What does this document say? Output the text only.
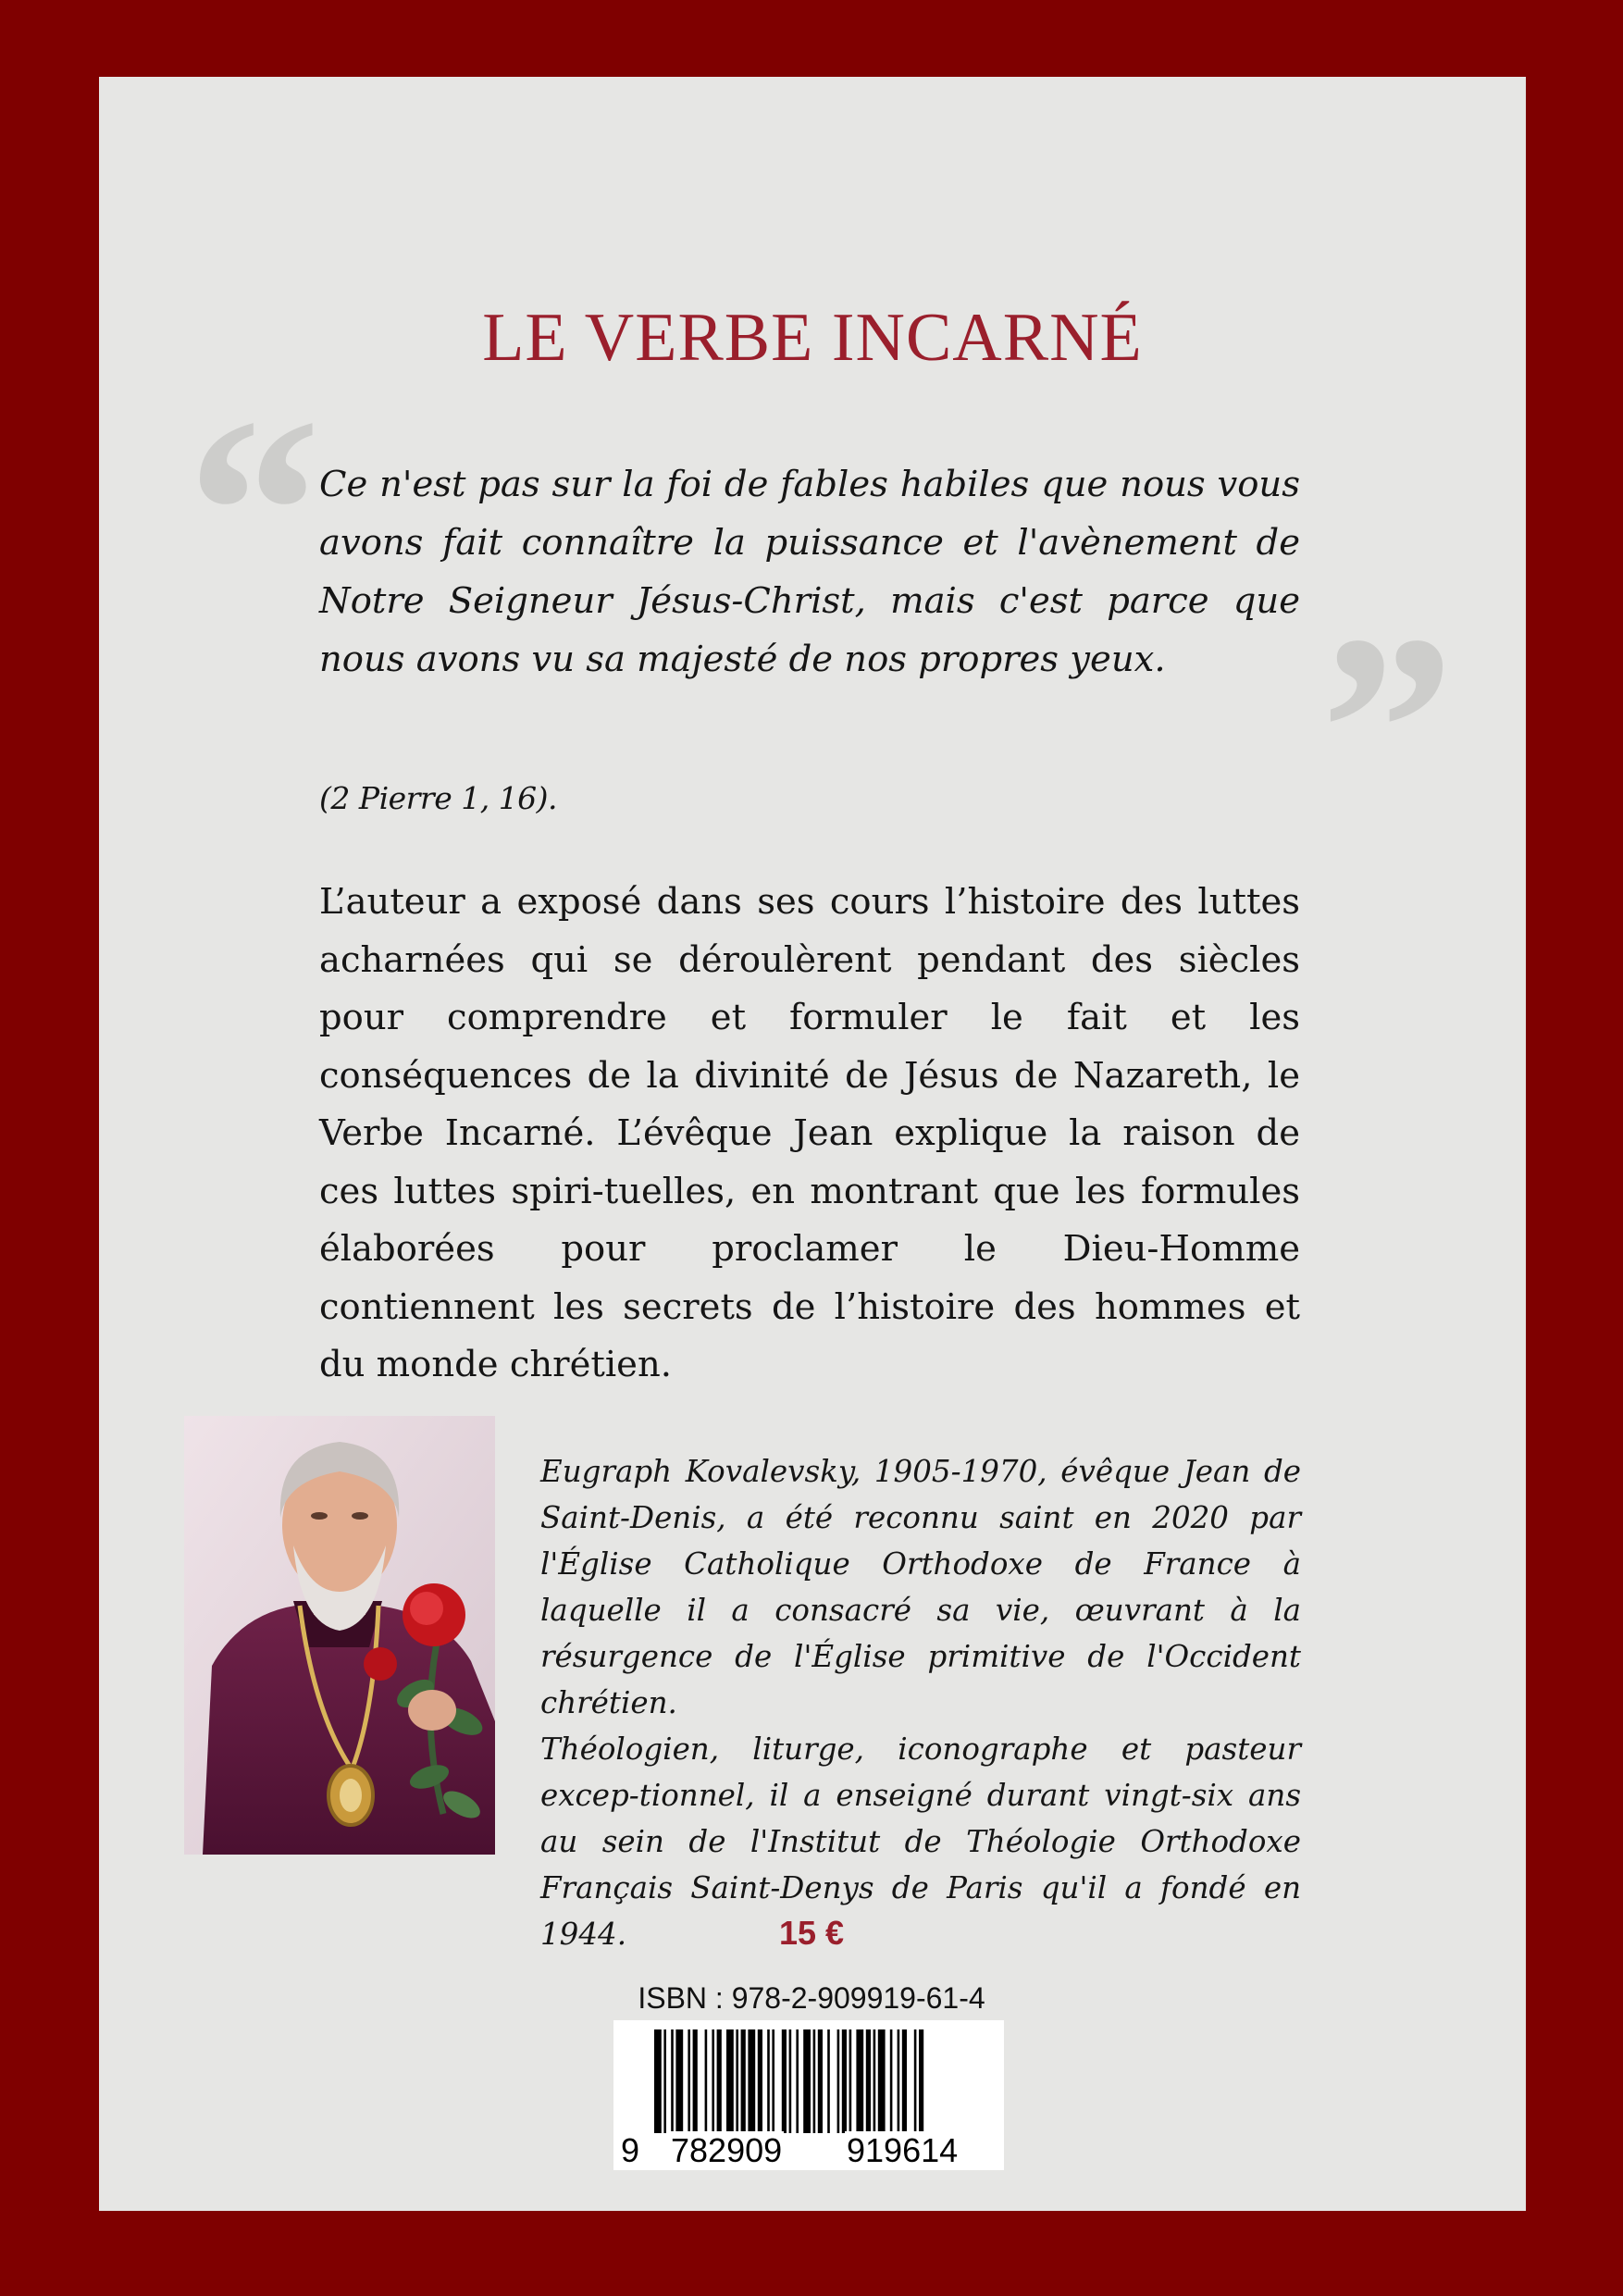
LE VERBE INCARNÉ
“
”
Ce n'est pas sur la foi de fables habiles que nous vous avons fait connaître la puissance et l'avènement de Notre Seigneur Jésus-Christ, mais c'est parce que nous avons vu sa majesté de nos propres yeux.
(2 Pierre 1, 16).
L’auteur a exposé dans ses cours l’histoire des luttes acharnées qui se déroulèrent pendant des siècles pour comprendre et formuler le fait et les conséquences de la divinité de Jésus de Nazareth, le Verbe Incarné. L’évêque Jean explique la raison de ces luttes spiri-tuelles, en montrant que les formules élaborées pour proclamer le Dieu-Homme contiennent les secrets de l’histoire des hommes et du monde chrétien.
Eugraph Kovalevsky, 1905-1970, évêque Jean de Saint-Denis, a été reconnu saint en 2020 par l'Église Catholique Orthodoxe de France à laquelle il a consacré sa vie, œuvrant à la résurgence de l'Église primitive de l'Occident chrétien.
Théologien, liturge, iconographe et pasteur excep-tionnel, il a enseigné durant vingt-six ans au sein de l'Institut de Théologie Orthodoxe Français Saint-Denys de Paris qu'il a fondé en 1944.	15 €
ISBN : 978-2-909919-61-4
9 782909 919614
